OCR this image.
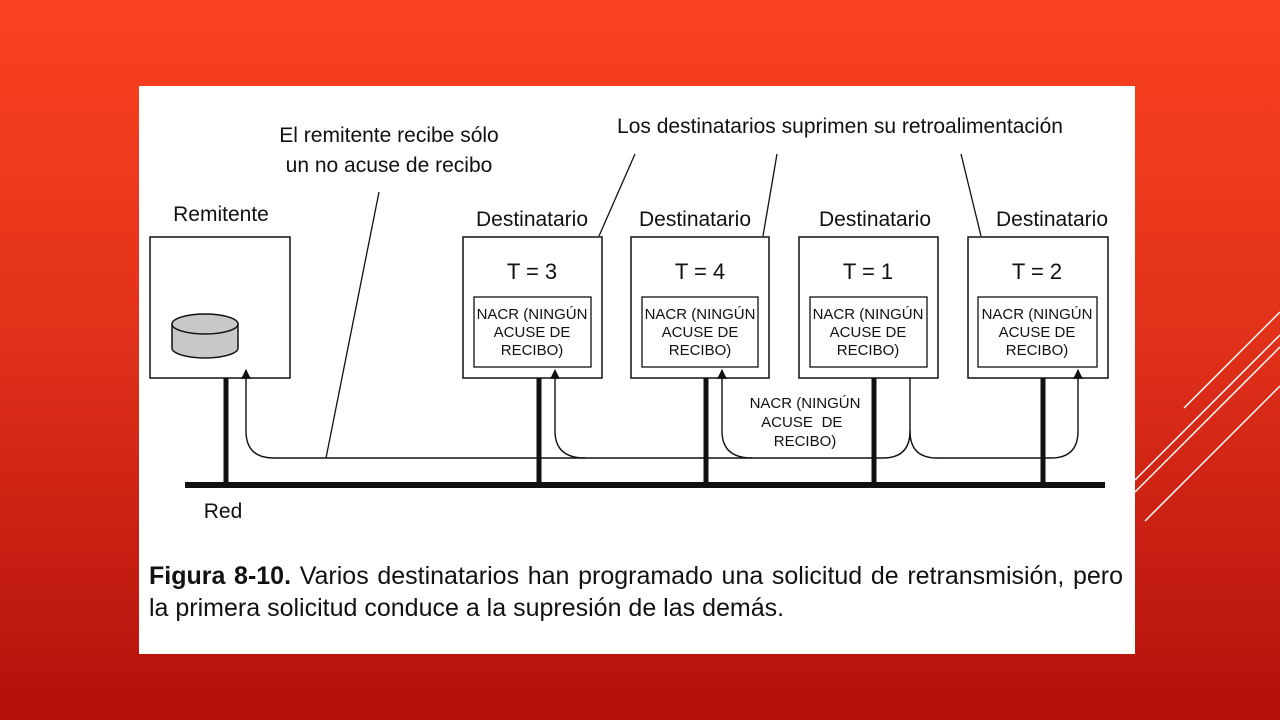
El remitente recibe sólo
un no acuse de recibo
Los destinatarios suprimen su retroalimentación
Remitente	Destinatario
T = 3
NACR (NINGÚN
ACUSE DE
RECIBO)
Destinatario
T = 4
NACR (NINGÚN
ACUSE DE
RECIBO)
Destinatario
T = 1
NACR (NINGÚN
ACUSE DE
RECIBO)
Destinatario
T = 2
NACR (NINGÚN
ACUSE DE
RECIBO)
Red
NACR (NINGÚN
ACUSE DE
RECIBO)
Figura 8-10. Varios destinatarios han programado una solicitud de retransmisión, pero la primera solicitud conduce a la supresión de las demás.
